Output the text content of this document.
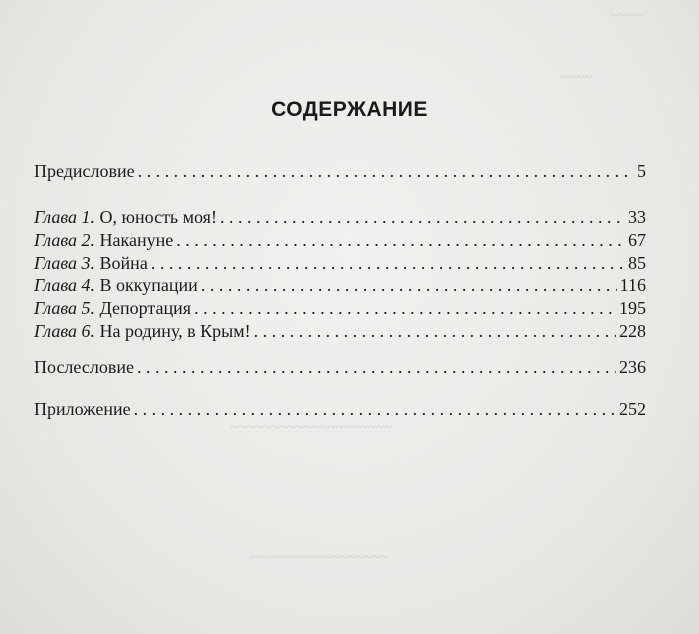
~~~~
~~~~
~~~~~~~~~~~~~~~~~~~~
~~~~~~~~~~~~~~~~~
СОДЕРЖАНИЕ
Предисловие . . .	5
Глава 1. О, юность моя! . . .	33
Глава 2. Накануне . . .	67
Глава 3. Война . . .	85
Глава 4. В оккупации . . .	116
Глава 5. Депортация . . .	195
Глава 6. На родину, в Крым! . . .	228
Послесловие . . .	236
Приложение . . .	252
